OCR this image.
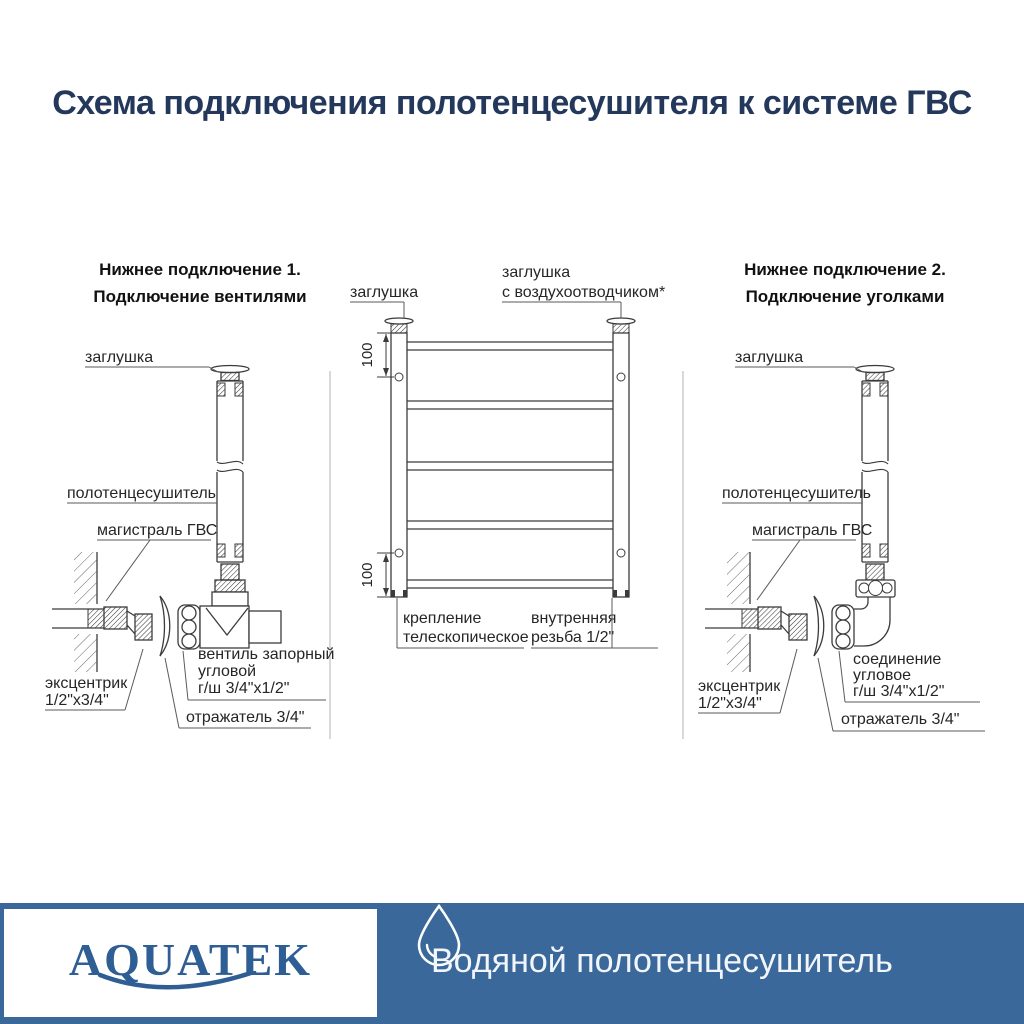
Схема подключения полотенцесушителя к системе ГВС
Нижнее подключение 1.
Подключение вентилями
Нижнее подключение 2.
Подключение уголками
заглушка
полотенцесушитель
магистраль ГВС
эксцентрик
1/2"х3/4"
вентиль запорный
угловой
г/ш 3/4"х1/2"
отражатель 3/4"
заглушка
заглушка
с воздухоотводчиком*
100
100
крепление
телескопическое
внутренняя
резьба 1/2"
заглушка
полотенцесушитель
магистраль ГВС
эксцентрик
1/2"х3/4"
соединение
угловое
г/ш 3/4"х1/2"
отражатель 3/4"
AQUATEK	Водяной полотенцесушитель
